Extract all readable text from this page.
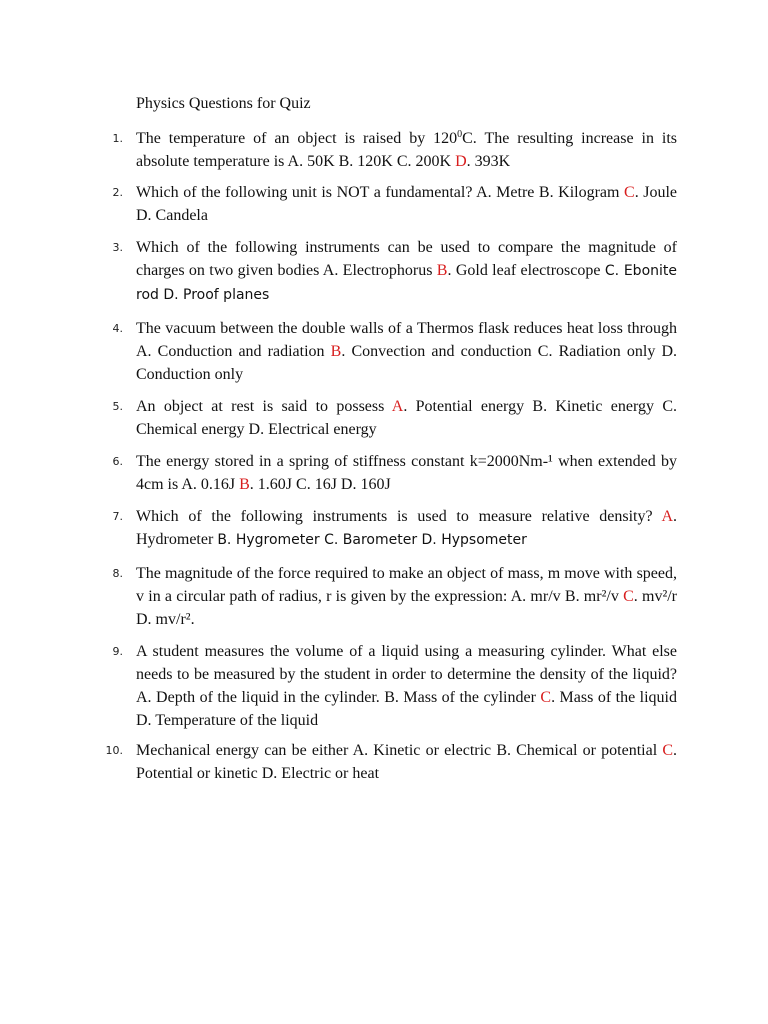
Physics Questions for Quiz
1. The temperature of an object is raised by $120^0C$. The resulting increase in its absolute temperature is A. 50K B. 120K C. 200K D. 393K
2. Which of the following unit is NOT a fundamental? A. Metre B. Kilogram C. Joule D. Candela
3. Which of the following instruments can be used to compare the magnitude of charges on two given bodies A. Electrophorus B. Gold leaf electroscope C. Ebonite rod D. Proof planes
4. The vacuum between the double walls of a Thermos flask reduces heat loss through A. Conduction and radiation B. Convection and conduction C. Radiation only D. Conduction only
5. An object at rest is said to possess A. Potential energy B. Kinetic energy C. Chemical energy D. Electrical energy
6. The energy stored in a spring of stiffness constant k=2000Nm-¹ when extended by 4cm is A. 0.16J B. 1.60J C. 16J D. 160J
7. Which of the following instruments is used to measure relative density? A. Hydrometer B. Hygrometer C. Barometer D. Hypsometer
8. The magnitude of the force required to make an object of mass, m move with speed, v in a circular path of radius, r is given by the expression: A. mr/v B. mr²/v C. mv²/r D. mv/r².
9. A student measures the volume of a liquid using a measuring cylinder. What else needs to be measured by the student in order to determine the density of the liquid? A. Depth of the liquid in the cylinder. B. Mass of the cylinder C. Mass of the liquid D. Temperature of the liquid
10. Mechanical energy can be either A. Kinetic or electric B. Chemical or potential C. Potential or kinetic D. Electric or heat
